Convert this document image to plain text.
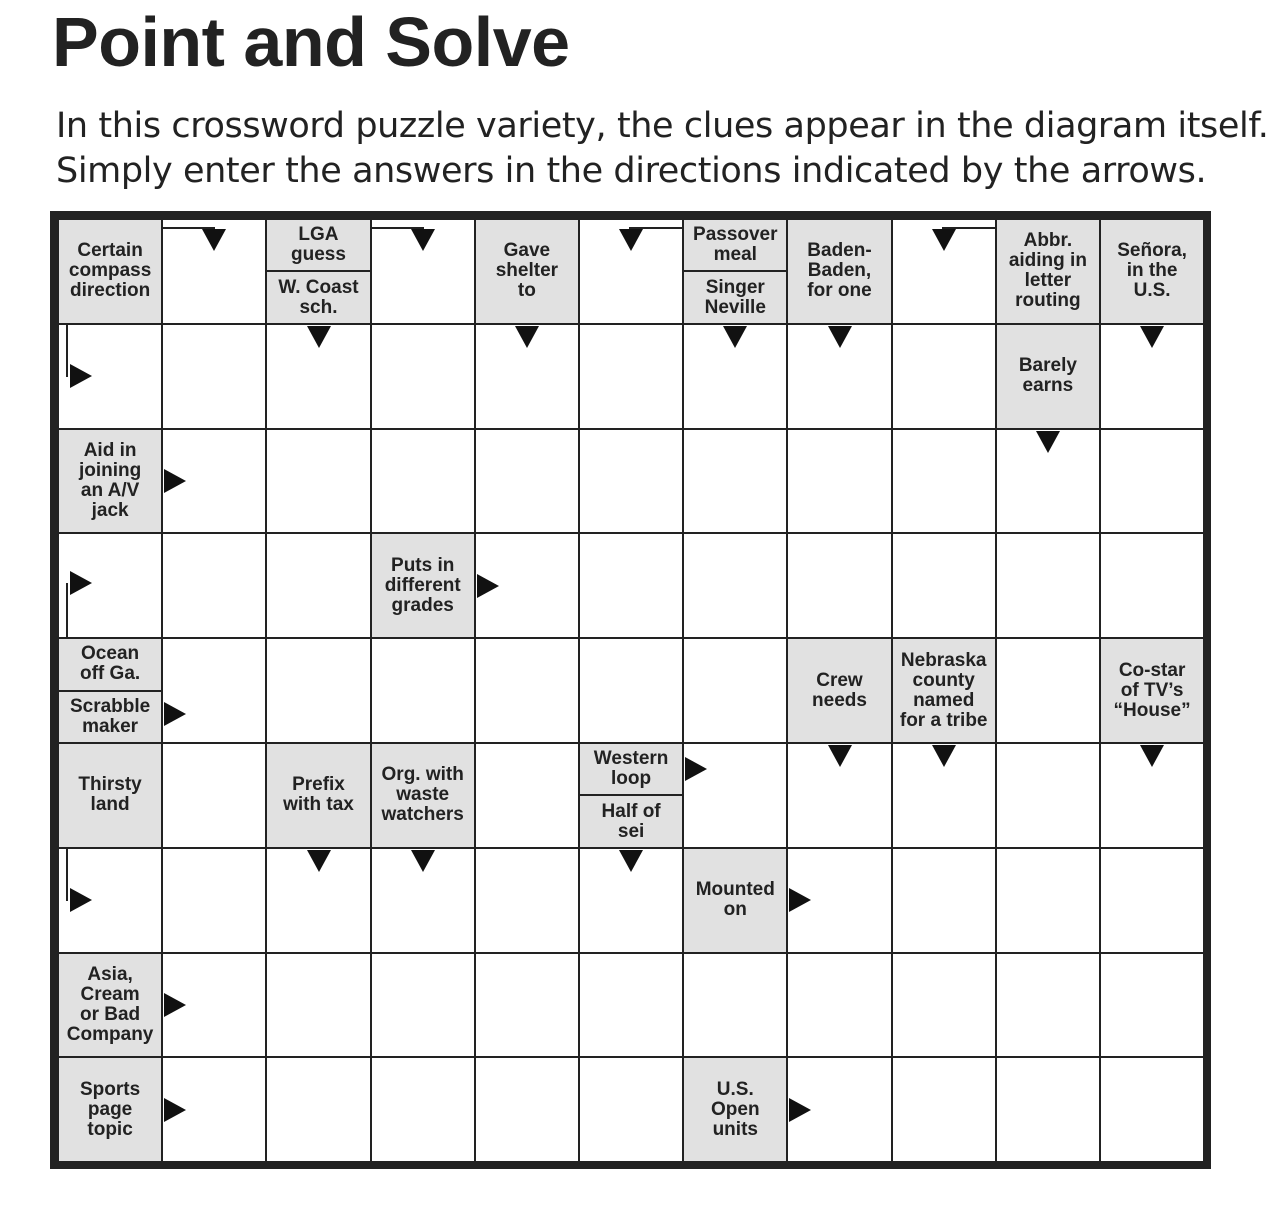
Point and Solve
In this crossword puzzle variety, the clues appear in the diagram itself.
Simply enter the answers in the directions indicated by the arrows.
Certain
compass
direction
LGA
guess
W. Coast
sch.
Gave
shelter
to
Passover
meal
Singer
Neville
Baden-
Baden,
for one
Abbr.
aiding in
letter
routing
Señora,
in the
U.S.
Barely
earns
Aid in
joining
an A/V
jack
Puts in
different
grades
Ocean
off Ga.
Scrabble
maker
Crew
needs
Nebraska
county
named
for a tribe
Co-star
of TV’s
“House”
Thirsty
land
Prefix
with tax
Org. with
waste
watchers
Western
loop
Half of
sei
Mounted
on
Asia,
Cream
or Bad
Company
Sports
page
topic
U.S.
Open
units
